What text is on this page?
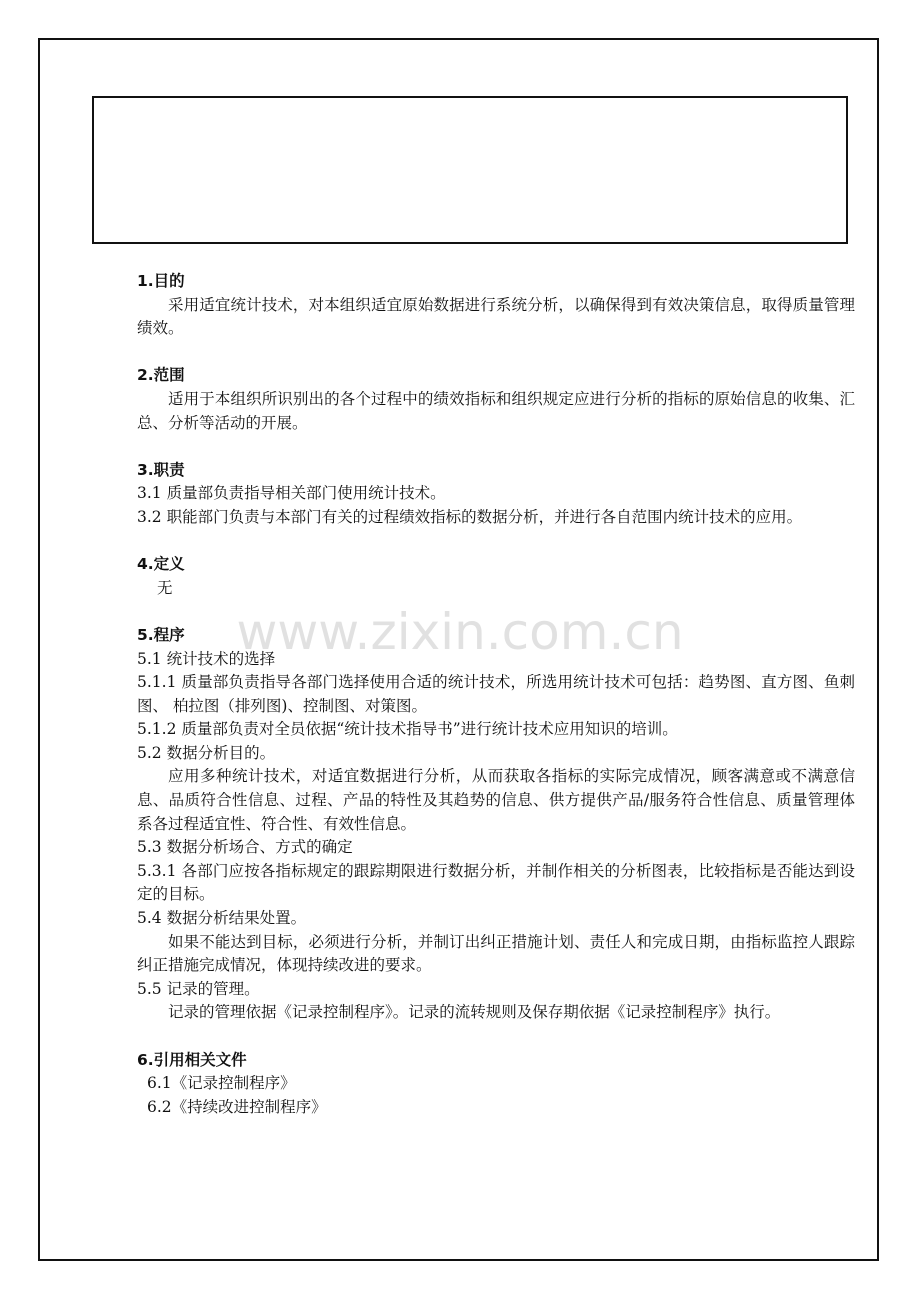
1.目的

采用适宜统计技术，对本组织适宜原始数据进行系统分析，以确保得到有效决策信息，取得质量管理绩效。

2.范围

适用于本组织所识别出的各个过程中的绩效指标和组织规定应进行分析的指标的原始信息的收集、汇总、分析等活动的开展。

3.职责

3.1 质量部负责指导相关部门使用统计技术。

3.2 职能部门负责与本部门有关的过程绩效指标的数据分析，并进行各自范围内统计技术的应用。

4.定义

无

5.程序

5.1 统计技术的选择

5.1.1 质量部负责指导各部门选择使用合适的统计技术，所选用统计技术可包括：趋势图、直方图、鱼刺图、 柏拉图（排列图)、控制图、对策图。

5.1.2 质量部负责对全员依据“统计技术指导书”进行统计技术应用知识的培训。

5.2 数据分析目的。

应用多种统计技术，对适宜数据进行分析，从而获取各指标的实际完成情况，顾客满意或不满意信息、品质符合性信息、过程、产品的特性及其趋势的信息、供方提供产品/服务符合性信息、质量管理体系各过程适宜性、符合性、有效性信息。

5.3 数据分析场合、方式的确定

5.3.1 各部门应按各指标规定的跟踪期限进行数据分析，并制作相关的分析图表，比较指标是否能达到设定的目标。

5.4 数据分析结果处置。

如果不能达到目标，必须进行分析，并制订出纠正措施计划、责任人和完成日期，由指标监控人跟踪纠正措施完成情况，体现持续改进的要求。

5.5 记录的管理。

记录的管理依据《记录控制程序》。记录的流转规则及保存期依据《记录控制程序》执行。

6.引用相关文件

6.1《记录控制程序》

6.2《持续改进控制程序》

www.zixin.com.cn
